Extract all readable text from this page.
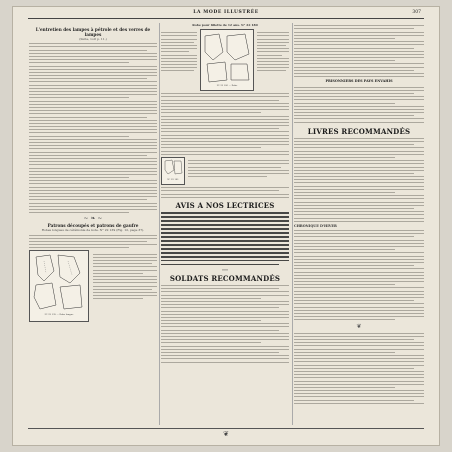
LA MODE ILLUSTRÉE	307
L'entretien des lampes à pétrole et des verres de lampes
(Suite, voir p. 11.)
~ ❧ ~
Patrons découpés et patrons de gaufre
Robes longues de cérémonie de note. N° 22 139 (Fig. 12, page 37).
N° 22 139 — Robe longue
Robe pour fillette de 12 ans. N° 22 180
N° 22 180 — Robe
N° 22 181
AVIS A NOS LECTRICES
***
SOLDATS RECOMMANDÉS
PRISONNIERS DES PAYS ENVAHIS
LIVRES RECOMMANDÉS
CHRONIQUE D'HIVER
❦
❦
